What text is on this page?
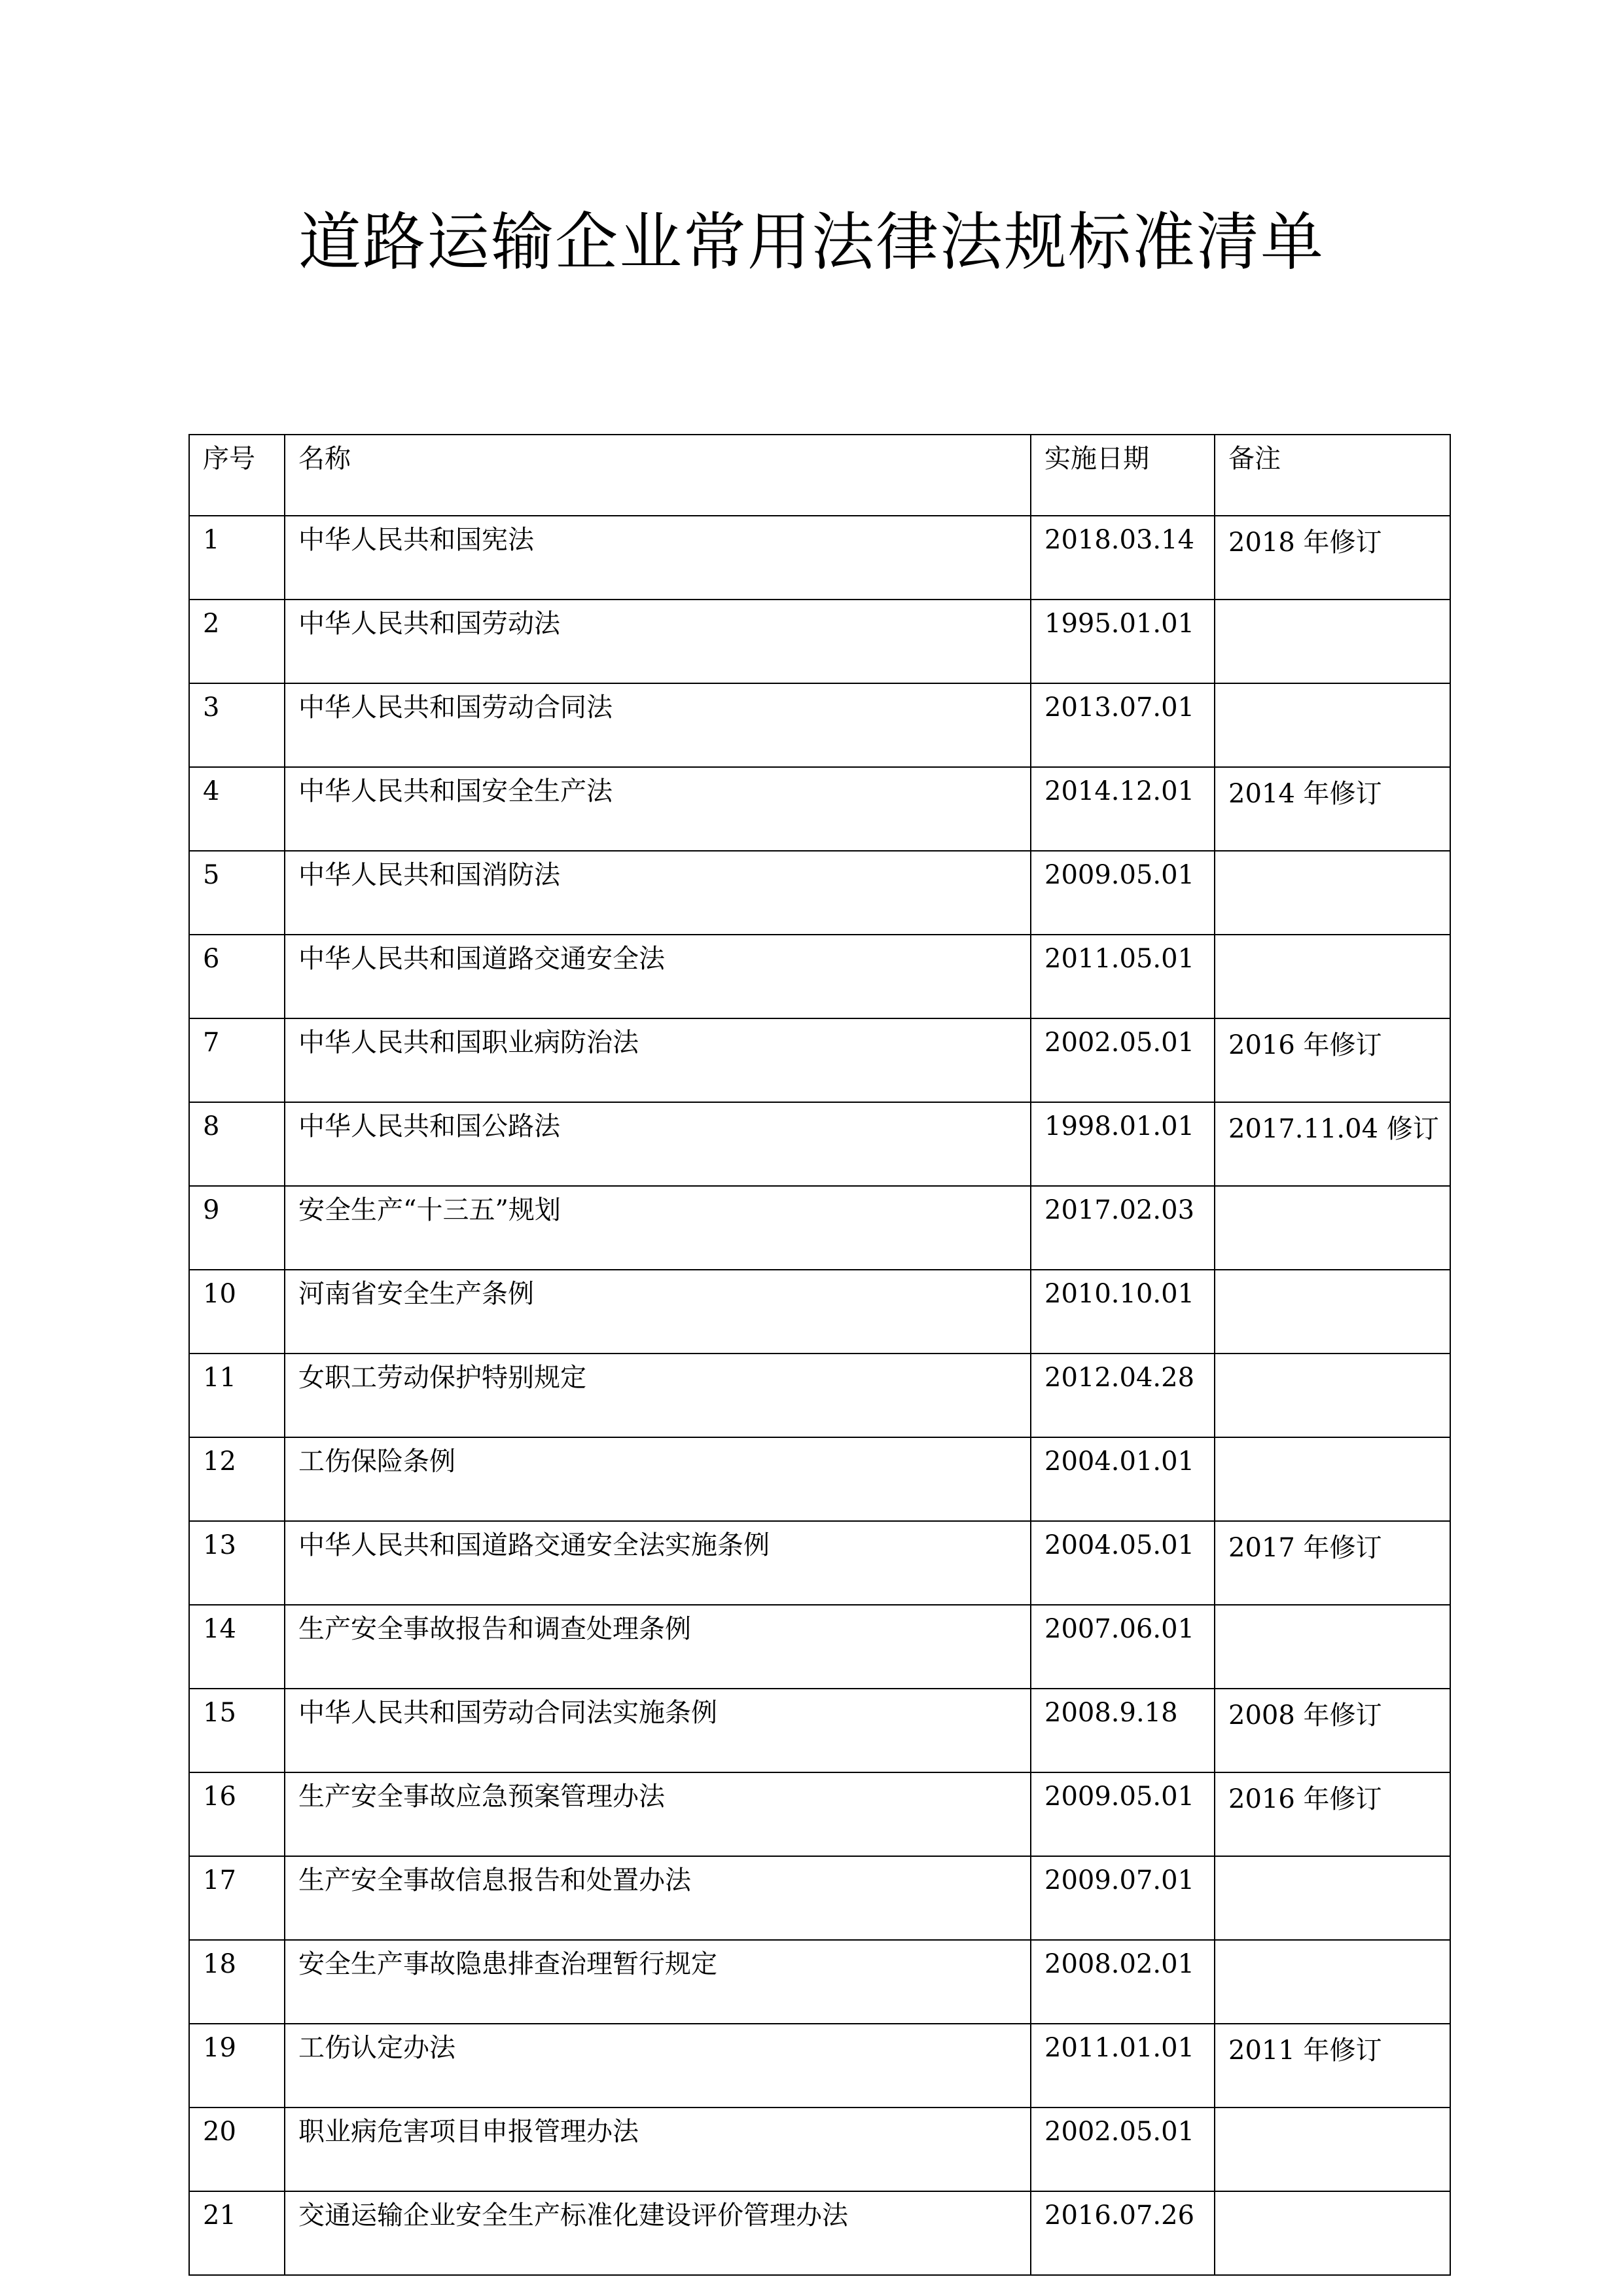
道路运输企业常用法律法规标准清单
序号	名称	实施日期	备注
1	中华人民共和国宪法	2018.03.14	2018 年修订
2	中华人民共和国劳动法	1995.01.01	
3	中华人民共和国劳动合同法	2013.07.01	
4	中华人民共和国安全生产法	2014.12.01	2014 年修订
5	中华人民共和国消防法	2009.05.01	
6	中华人民共和国道路交通安全法	2011.05.01	
7	中华人民共和国职业病防治法	2002.05.01	2016 年修订
8	中华人民共和国公路法	1998.01.01	2017.11.04 修订
9	安全生产“十三五”规划	2017.02.03	
10	河南省安全生产条例	2010.10.01	
11	女职工劳动保护特别规定	2012.04.28	
12	工伤保险条例	2004.01.01	
13	中华人民共和国道路交通安全法实施条例	2004.05.01	2017 年修订
14	生产安全事故报告和调查处理条例	2007.06.01	
15	中华人民共和国劳动合同法实施条例	2008.9.18	2008 年修订
16	生产安全事故应急预案管理办法	2009.05.01	2016 年修订
17	生产安全事故信息报告和处置办法	2009.07.01	
18	安全生产事故隐患排查治理暂行规定	2008.02.01	
19	工伤认定办法	2011.01.01	2011 年修订
20	职业病危害项目申报管理办法	2002.05.01	
21	交通运输企业安全生产标准化建设评价管理办法	2016.07.26	
